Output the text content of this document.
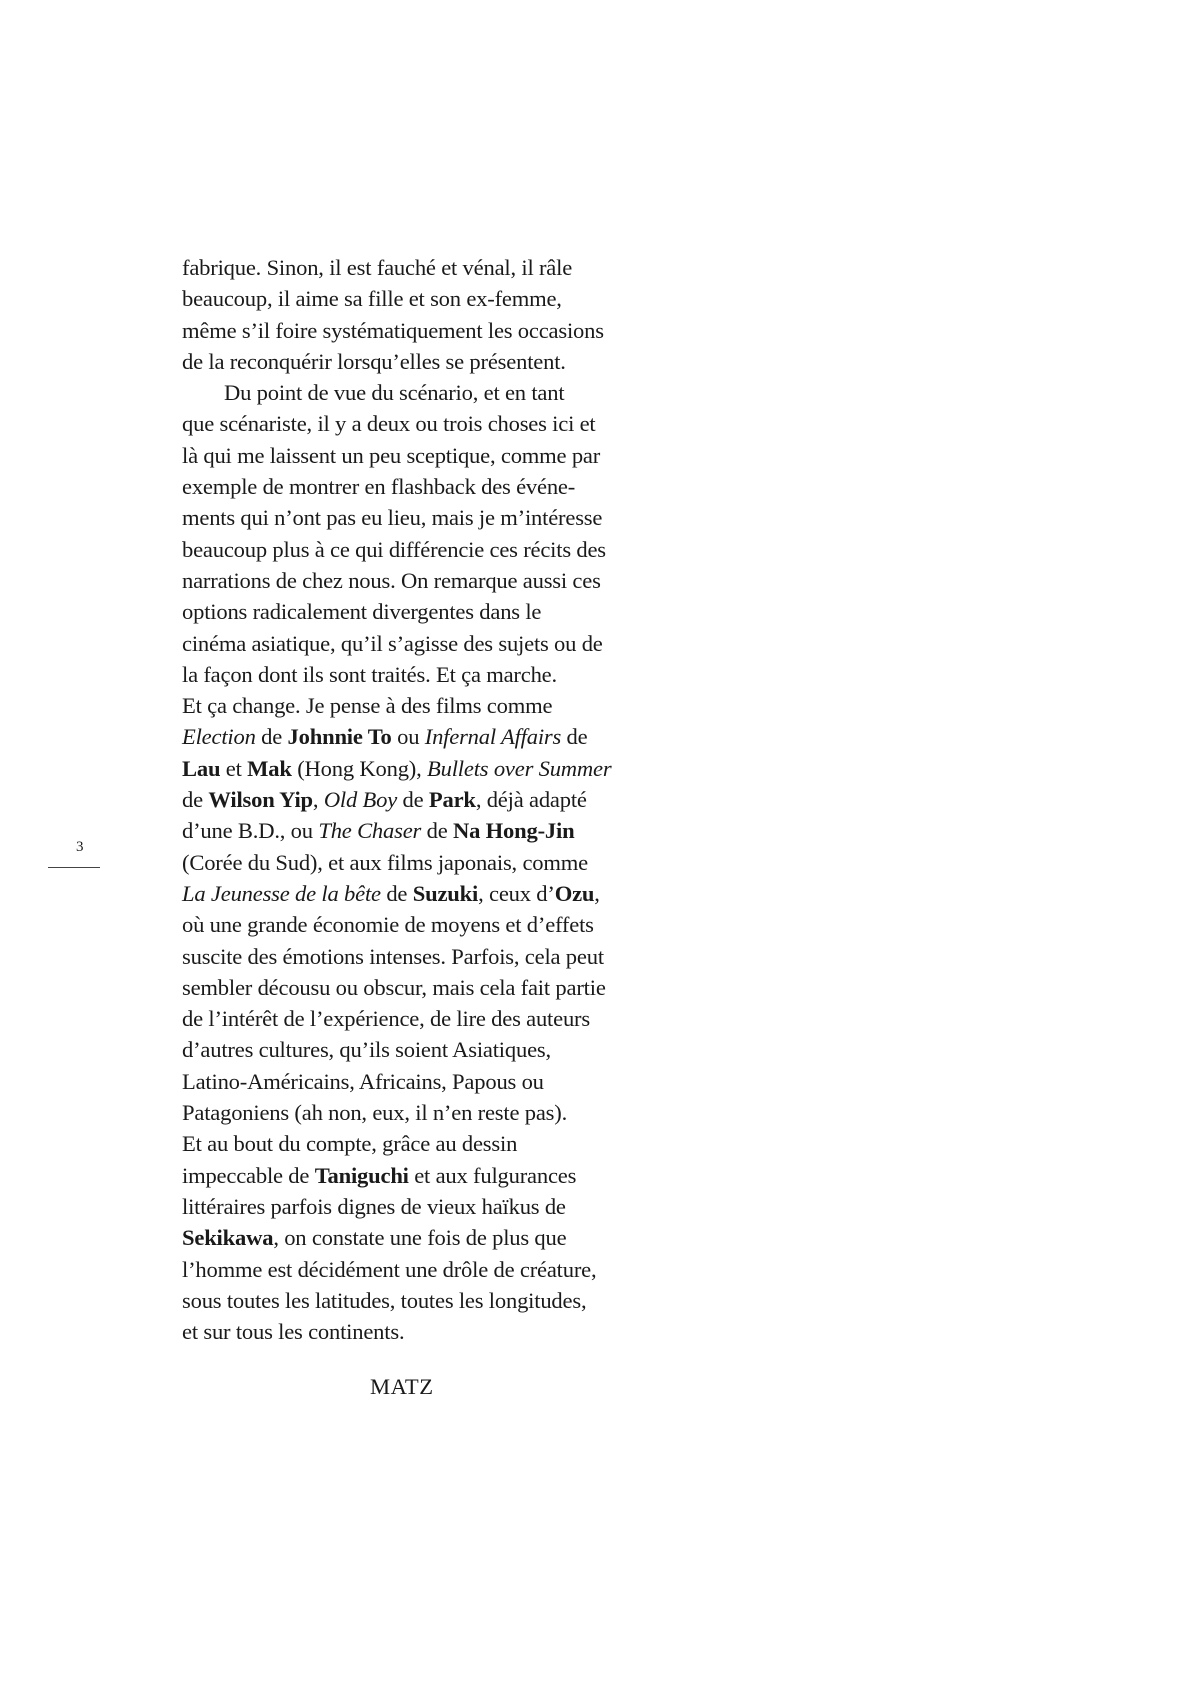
fabrique. Sinon, il est fauché et vénal, il râle
beaucoup, il aime sa fille et son ex-femme,
même s’il foire systématiquement les occasions
de la reconquérir lorsqu’elles se présentent.
Du point de vue du scénario, et en tant
que scénariste, il y a deux ou trois choses ici et
là qui me laissent un peu sceptique, comme par
exemple de montrer en flashback des événe-
ments qui n’ont pas eu lieu, mais je m’intéresse
beaucoup plus à ce qui différencie ces récits des
narrations de chez nous. On remarque aussi ces
options radicalement divergentes dans le
cinéma asiatique, qu’il s’agisse des sujets ou de
la façon dont ils sont traités. Et ça marche.
Et ça change. Je pense à des films comme
Election de Johnnie To ou Infernal Affairs de
Lau et Mak (Hong Kong), Bullets over Summer
de Wilson Yip, Old Boy de Park, déjà adapté
d’une B.D., ou The Chaser de Na Hong-Jin
(Corée du Sud), et aux films japonais, comme
La Jeunesse de la bête de Suzuki, ceux d’Ozu,
où une grande économie de moyens et d’effets
suscite des émotions intenses. Parfois, cela peut
sembler décousu ou obscur, mais cela fait partie
de l’intérêt de l’expérience, de lire des auteurs
d’autres cultures, qu’ils soient Asiatiques,
Latino-Américains, Africains, Papous ou
Patagoniens (ah non, eux, il n’en reste pas).
Et au bout du compte, grâce au dessin
impeccable de Taniguchi et aux fulgurances
littéraires parfois dignes de vieux haïkus de
Sekikawa, on constate une fois de plus que
l’homme est décidément une drôle de créature,
sous toutes les latitudes, toutes les longitudes,
et sur tous les continents.
3
MATZ
